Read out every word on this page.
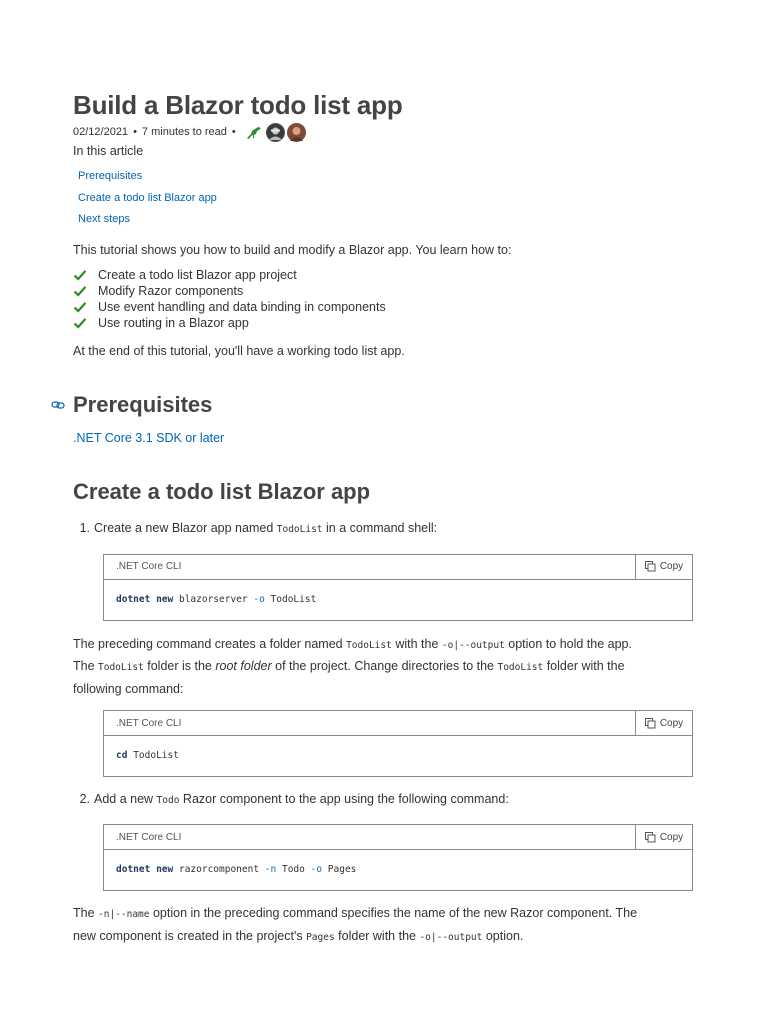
Build a Blazor todo list app
02/12/2021 • 7 minutes to read •
In this article
Prerequisites
Create a todo list Blazor app
Next steps

This tutorial shows you how to build and modify a Blazor app. You learn how to:

Create a todo list Blazor app project
Modify Razor components
Use event handling and data binding in components
Use routing in a Blazor app

At the end of this tutorial, you'll have a working todo list app.

Prerequisites
.NET Core 3.1 SDK or later
Create a todo list Blazor app
1. Create a new Blazor app named TodoList in a command shell:
.NET Core CLI	Copy
dotnet new blazorserver -o TodoList

The preceding command creates a folder named TodoList with the -o|--output option to hold the app.
The TodoList folder is the root folder of the project. Change directories to the TodoList folder with the
following command:

.NET Core CLI	Copy
cd TodoList
2. Add a new Todo Razor component to the app using the following command:
.NET Core CLI	Copy
dotnet new razorcomponent -n Todo -o Pages

The -n|--name option in the preceding command specifies the name of the new Razor component. The
new component is created in the project's Pages folder with the -o|--output option.
